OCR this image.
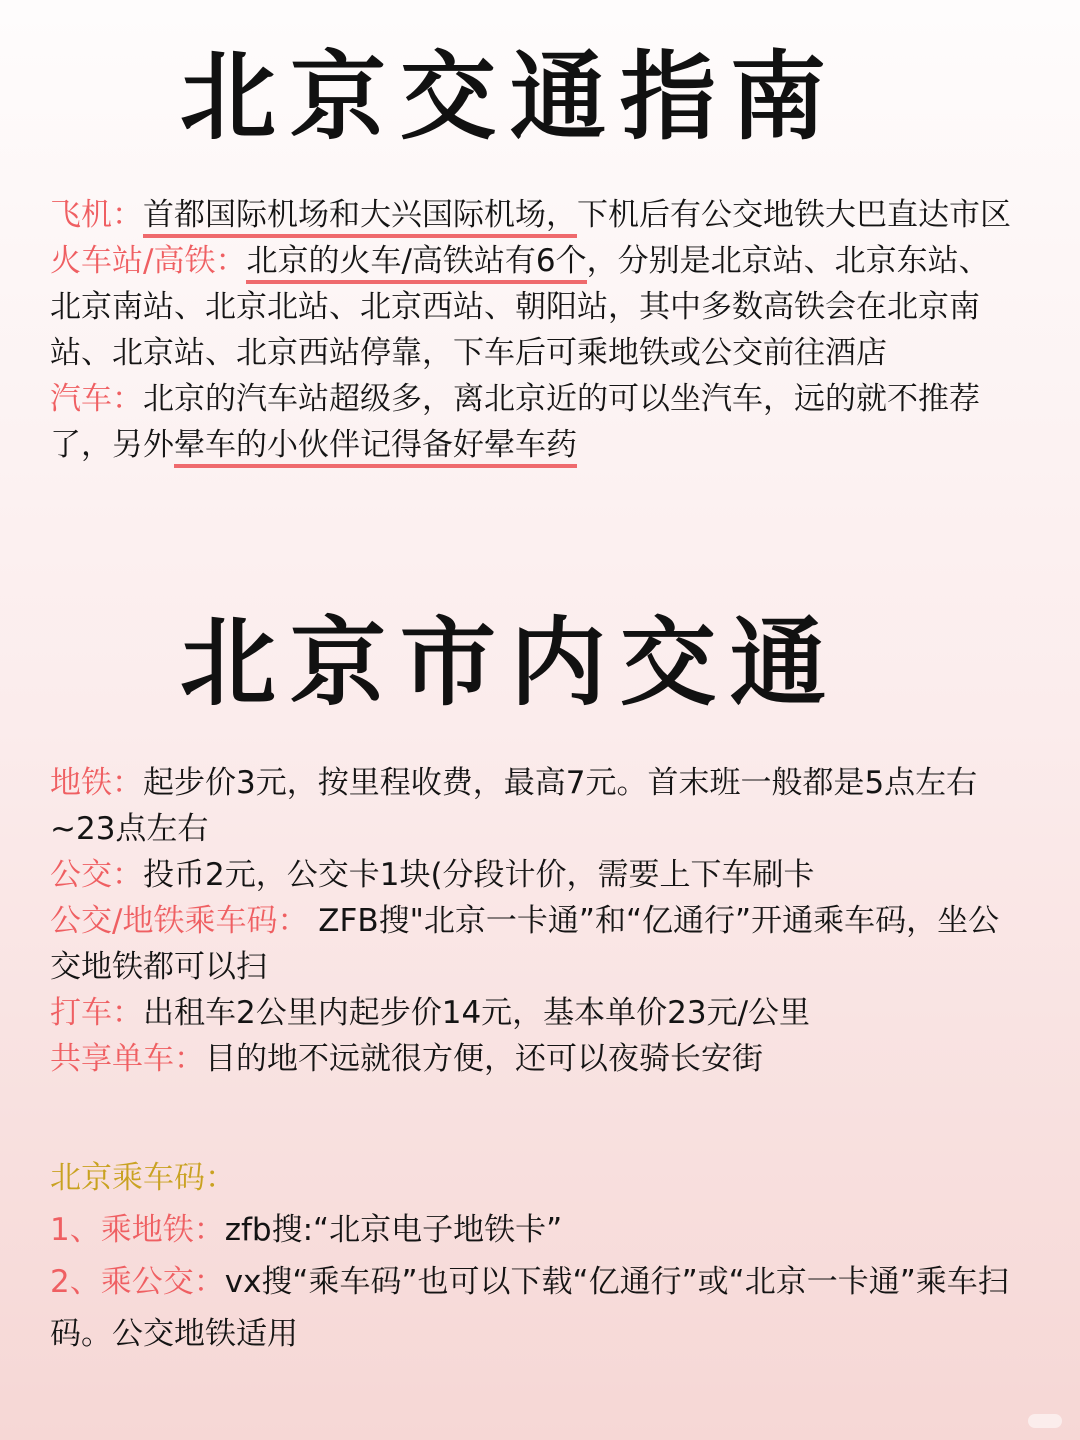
北京交通指南

飞机：首都国际机场和大兴国际机场，下机后有公交地铁大巴直达市区

火车站/高铁：北京的火车/高铁站有6个，分别是北京站、北京东站、北京南站、北京北站、北京西站、朝阳站，其中多数高铁会在北京南站、北京站、北京西站停靠，下车后可乘地铁或公交前往酒店

汽车：北京的汽车站超级多，离北京近的可以坐汽车，远的就不推荐了，另外晕车的小伙伴记得备好晕车药

北京市内交通

地铁：起步价3元，按里程收费，最高7元。首末班一般都是5点左右~23点左右

公交：投币2元，公交卡1块(分段计价，需要上下车刷卡

公交/地铁乘车码： ZFB搜"北京一卡通”和“亿通行”开通乘车码，坐公交地铁都可以扫

打车：出租车2公里内起步价14元，基本单价23元/公里

共享单车：目的地不远就很方便，还可以夜骑长安街

北京乘车码：

1、乘地铁：zfb搜:“北京电子地铁卡”

2、乘公交：vx搜“乘车码”也可以下载“亿通行”或“北京一卡通”乘车扫码。公交地铁适用
